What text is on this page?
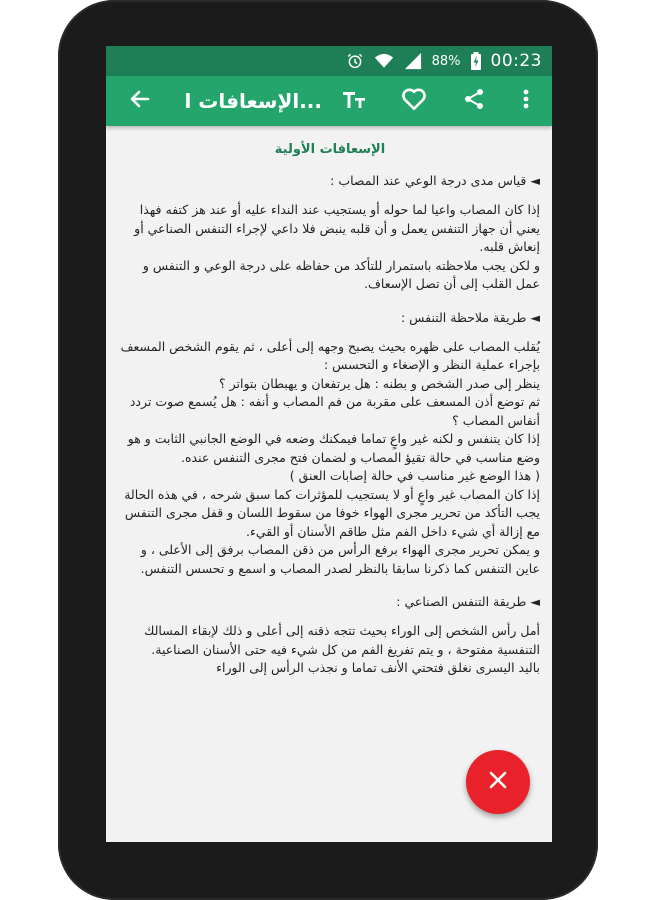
88% 00:23
الإسعافات ا...
الإسعافات الأولية
◄ قياس مدى درجة الوعي عند المصاب :
إذا كان المصاب واعيا لما حوله أو يستجيب عند النداء عليه أو عند هز كتفه فهذا يعني أن جهاز التنفس يعمل و أن قلبه ينبض فلا داعي لإجراء التنفس الصناعي أو إنعاش قلبه.
و لكن يجب ملاحظته باستمرار للتأكد من حفاظه على درجة الوعي و التنفس و عمل القلب إلى أن تصل الإسعاف.
◄ طريقة ملاحظة التنفس :
يُقلب المصاب على ظهره بحيث يصبح وجهه إلى أعلى ، ثم يقوم الشخص المسعف بإجراء عملية النظر و الإصغاء و التحسس :
ينظر إلى صدر الشخص و بطنه : هل يرتفعان و يهبطان بتواتر ؟
ثم توضع أذن المسعف على مقربة من فم المصاب و أنفه : هل يُسمع صوت تردد أنفاس المصاب ؟
إذا كان يتنفس و لكنه غير واعٍ تماما فيمكنك وضعه في الوضع الجانبي الثابت و هو وضع مناسب في حالة تقيؤ المصاب و لضمان فتح مجرى التنفس عنده.
( هذا الوضع غير مناسب في حالة إصابات العنق )
إذا كان المصاب غير واعٍ أو لا يستجيب للمؤثرات كما سبق شرحه ، في هذه الحالة يجب التأكد من تحرير مجرى الهواء خوفا من سقوط اللسان و قفل مجرى التنفس مع إزالة أي شيء داخل الفم مثل طاقم الأسنان أو القيء.
و يمكن تحرير مجرى الهواء برفع الرأس من ذقن المصاب برفق إلى الأعلى ، و عاين التنفس كما ذكرنا سابقا بالنظر لصدر المصاب و اسمع و تحسس التنفس.
◄ طريقة التنفس الصناعي :
أمل رأس الشخص إلى الوراء بحيث تتجه ذقنه إلى أعلى و ذلك لإبقاء المسالك التنفسية مفتوحة ، و يتم تفريغ الفم من كل شيء فيه حتى الأسنان الصناعية.
باليد اليسرى نغلق فتحتي الأنف تماما و نجذب الرأس إلى الوراء
